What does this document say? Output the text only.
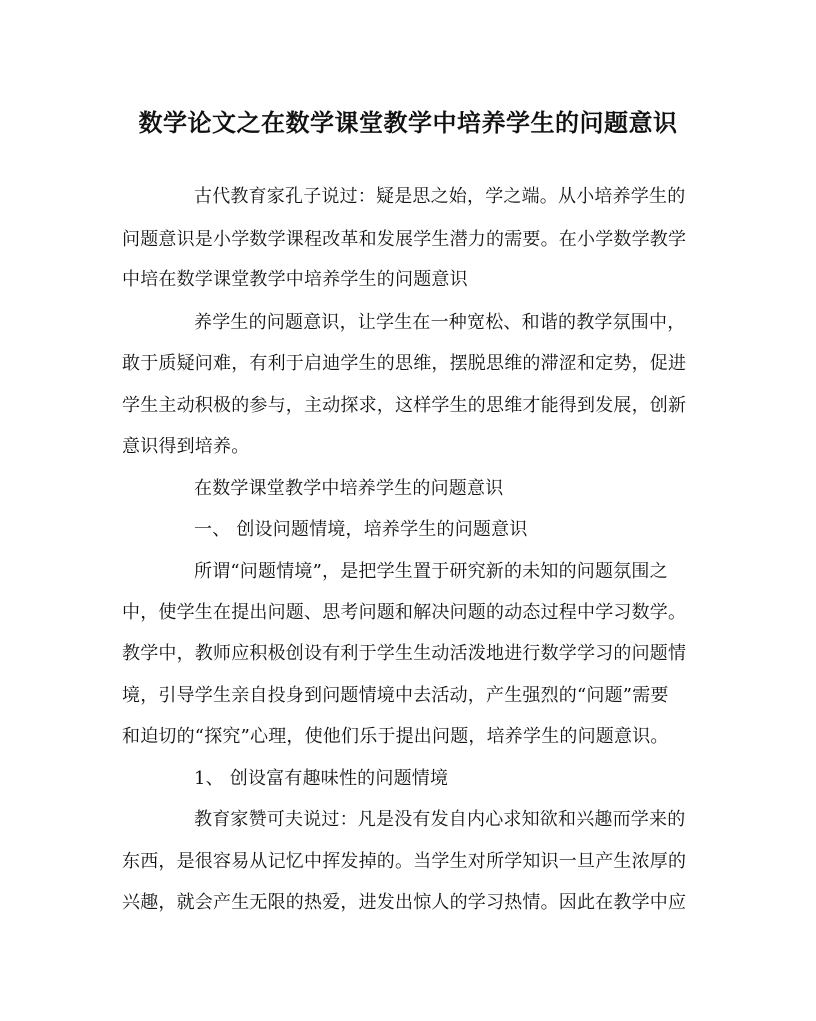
数学论文之在数学课堂教学中培养学生的问题意识
古代教育家孔子说过：疑是思之始，学之端。从小培养学生的
问题意识是小学数学课程改革和发展学生潜力的需要。在小学数学教学
中培在数学课堂教学中培养学生的问题意识
养学生的问题意识，让学生在一种宽松、和谐的教学氛围中，
敢于质疑问难，有利于启迪学生的思维，摆脱思维的滞涩和定势，促进
学生主动积极的参与，主动探求，这样学生的思维才能得到发展，创新
意识得到培养。
在数学课堂教学中培养学生的问题意识
一、 创设问题情境，培养学生的问题意识
所谓“问题情境”，是把学生置于研究新的未知的问题氛围之
中，使学生在提出问题、思考问题和解决问题的动态过程中学习数学。
教学中，教师应积极创设有利于学生生动活泼地进行数学学习的问题情
境，引导学生亲自投身到问题情境中去活动，产生强烈的“问题”需要
和迫切的“探究”心理，使他们乐于提出问题，培养学生的问题意识。
1、 创设富有趣味性的问题情境
教育家赞可夫说过：凡是没有发自内心求知欲和兴趣而学来的
东西，是很容易从记忆中挥发掉的。当学生对所学知识一旦产生浓厚的
兴趣，就会产生无限的热爱，进发出惊人的学习热情。因此在教学中应
